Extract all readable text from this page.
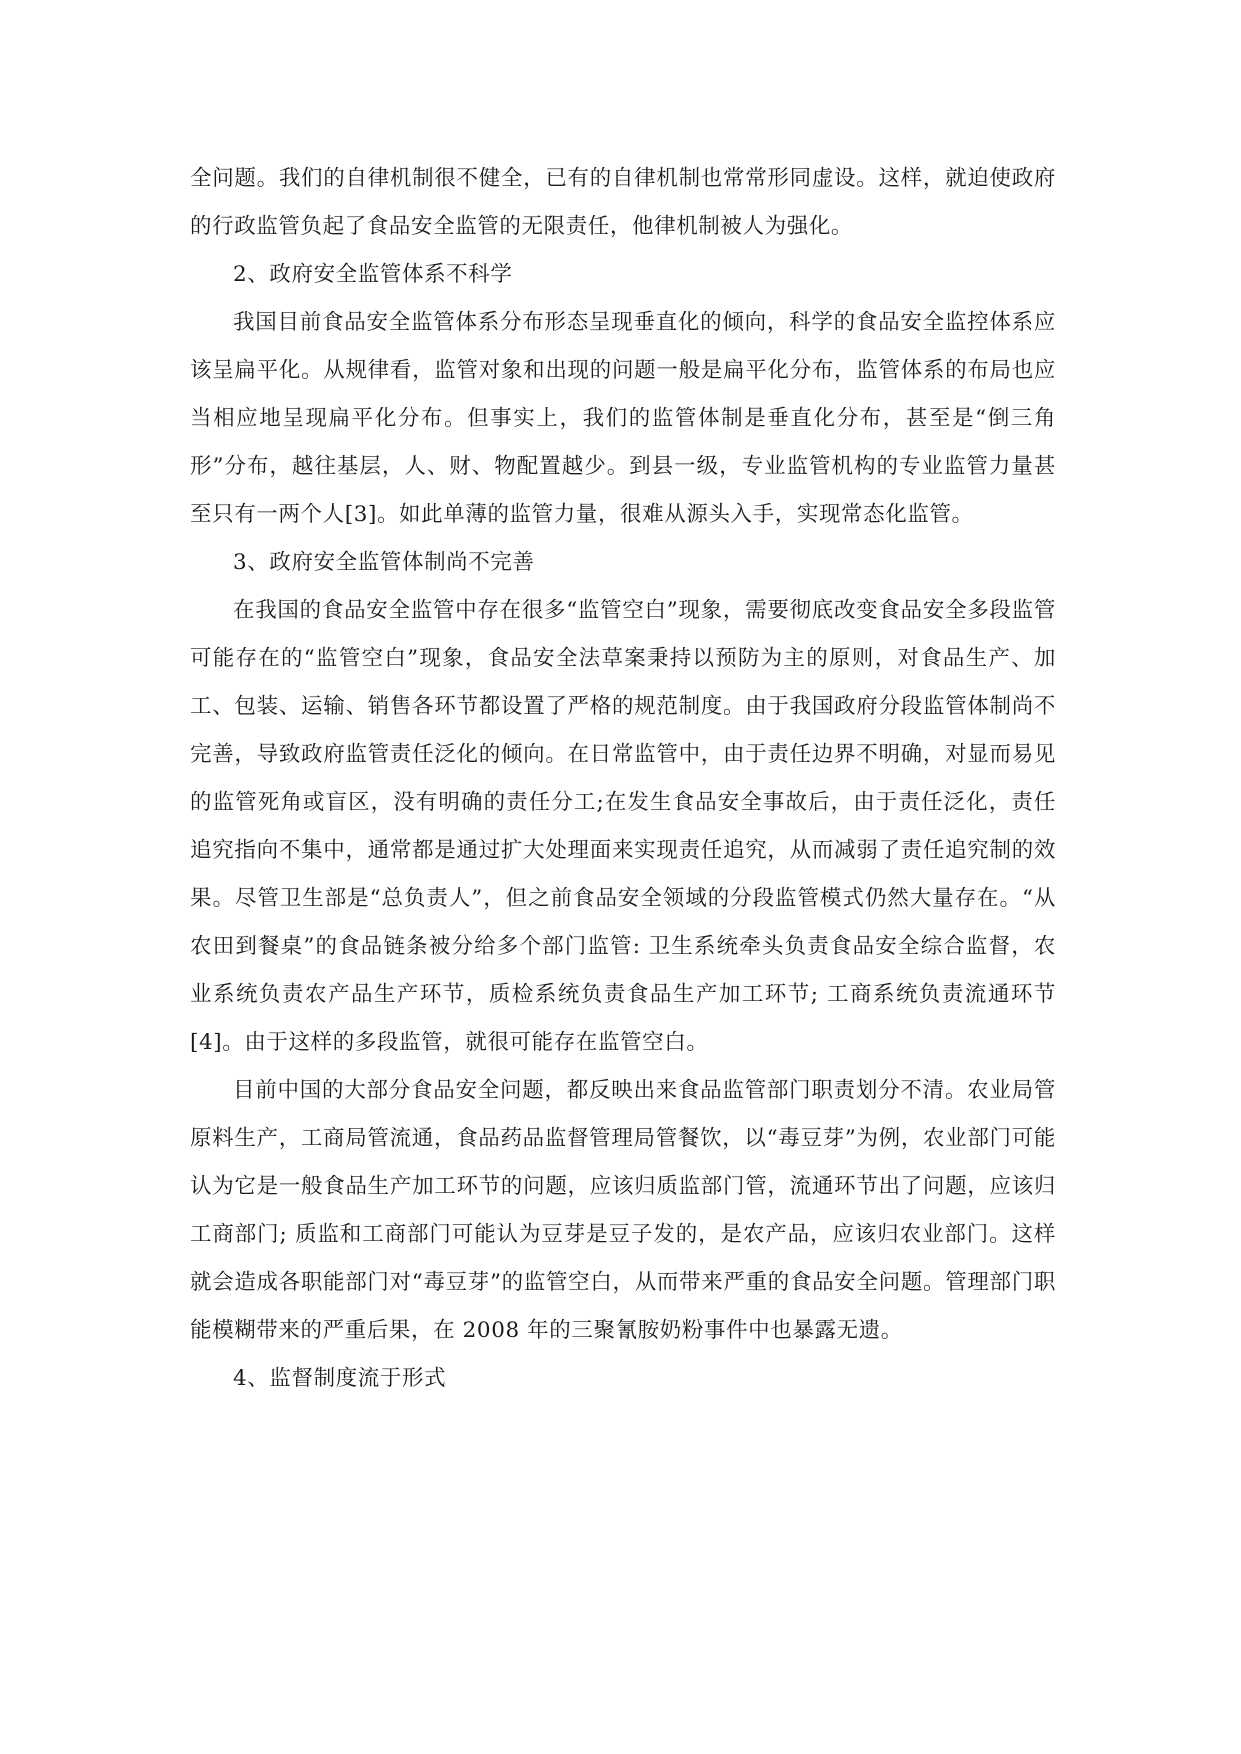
全问题。我们的自律机制很不健全，已有的自律机制也常常形同虚设。这样，就迫使政府的行政监管负起了食品安全监管的无限责任，他律机制被人为强化。

2、政府安全监管体系不科学

我国目前食品安全监管体系分布形态呈现垂直化的倾向，科学的食品安全监控体系应该呈扁平化。从规律看，监管对象和出现的问题一般是扁平化分布，监管体系的布局也应当相应地呈现扁平化分布。但事实上，我们的监管体制是垂直化分布，甚至是“倒三角形”分布，越往基层，人、财、物配置越少。到县一级，专业监管机构的专业监管力量甚至只有一两个人[3]。如此单薄的监管力量，很难从源头入手，实现常态化监管。

3、政府安全监管体制尚不完善

在我国的食品安全监管中存在很多“监管空白”现象，需要彻底改变食品安全多段监管可能存在的“监管空白”现象，食品安全法草案秉持以预防为主的原则，对食品生产、加工、包装、运输、销售各环节都设置了严格的规范制度。由于我国政府分段监管体制尚不完善，导致政府监管责任泛化的倾向。在日常监管中，由于责任边界不明确，对显而易见的监管死角或盲区，没有明确的责任分工;在发生食品安全事故后，由于责任泛化，责任追究指向不集中，通常都是通过扩大处理面来实现责任追究，从而减弱了责任追究制的效果。尽管卫生部是“总负责人”，但之前食品安全领域的分段监管模式仍然大量存在。“从农田到餐桌”的食品链条被分给多个部门监管: 卫生系统牵头负责食品安全综合监督，农业系统负责农产品生产环节，质检系统负责食品生产加工环节; 工商系统负责流通环节[4]。由于这样的多段监管，就很可能存在监管空白。

目前中国的大部分食品安全问题，都反映出来食品监管部门职责划分不清。农业局管原料生产，工商局管流通，食品药品监督管理局管餐饮，以“毒豆芽”为例，农业部门可能认为它是一般食品生产加工环节的问题，应该归质监部门管，流通环节出了问题，应该归工商部门; 质监和工商部门可能认为豆芽是豆子发的，是农产品，应该归农业部门。这样就会造成各职能部门对“毒豆芽”的监管空白，从而带来严重的食品安全问题。管理部门职能模糊带来的严重后果，在 2008 年的三聚氰胺奶粉事件中也暴露无遗。

4、监督制度流于形式
